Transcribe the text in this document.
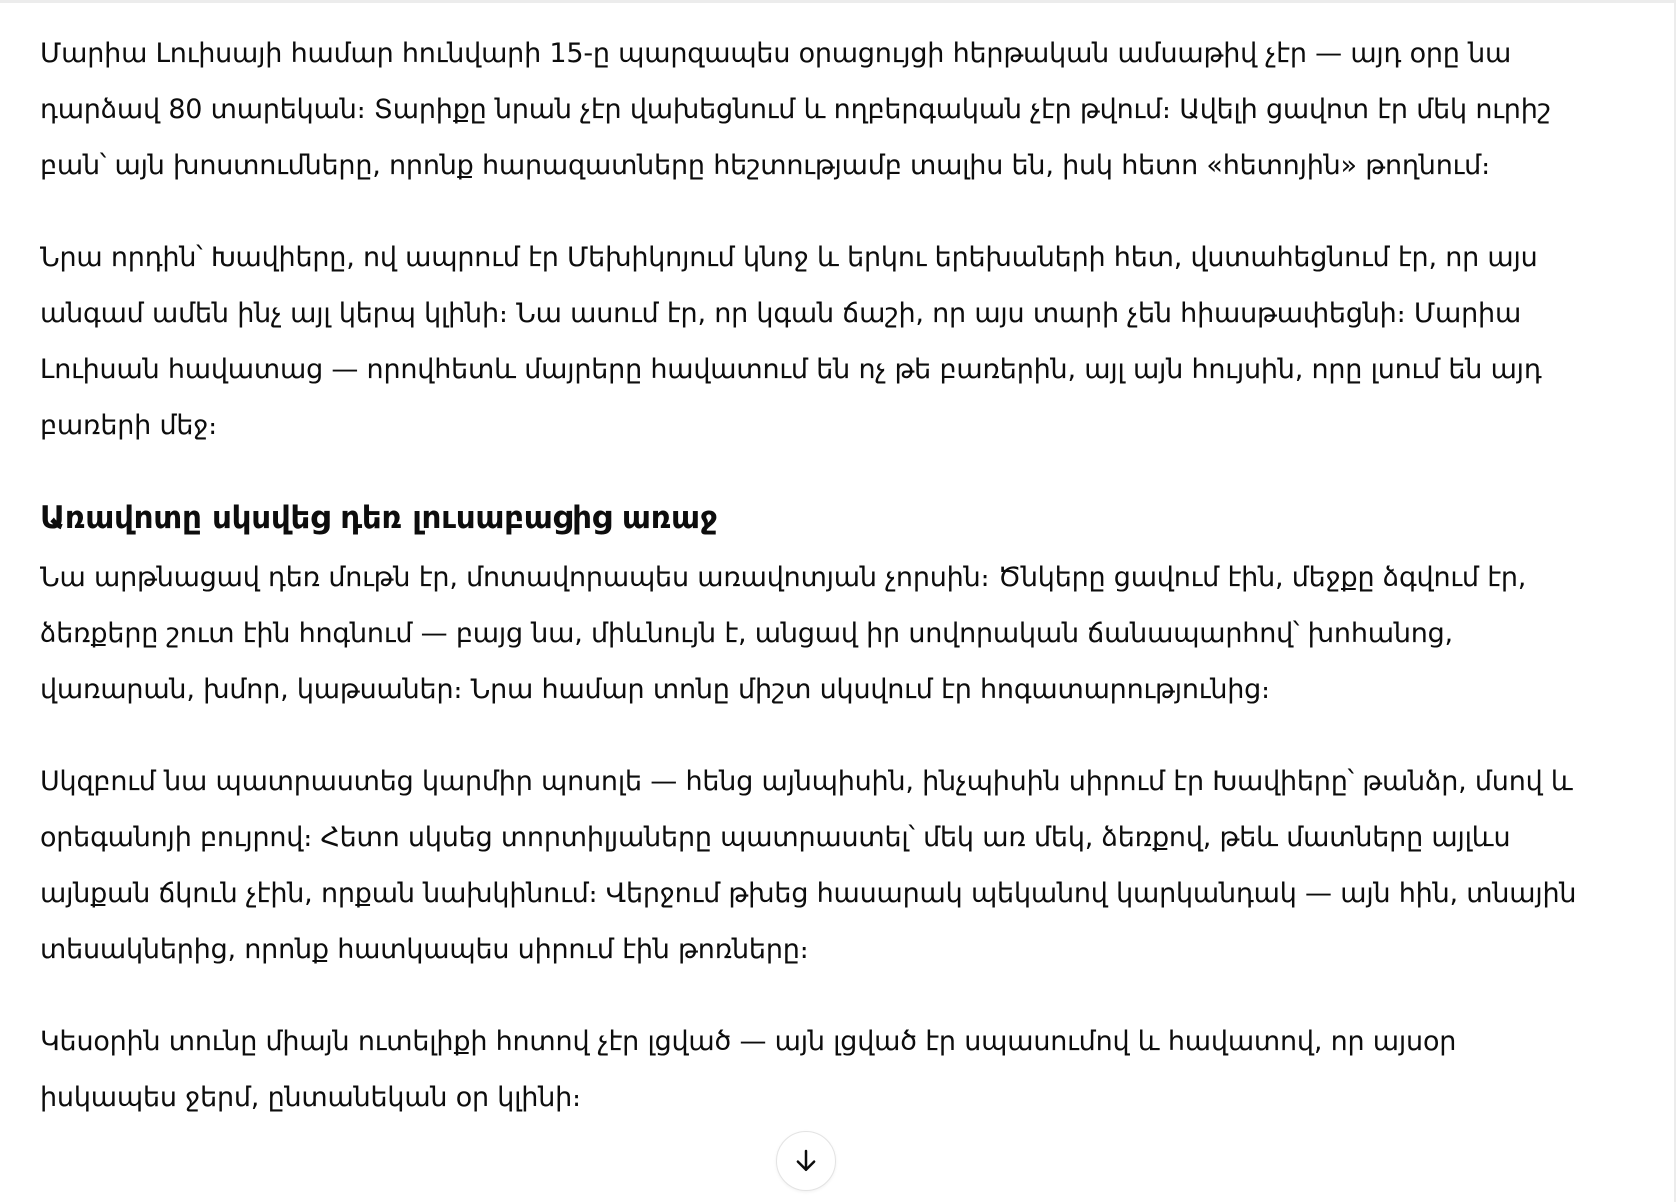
Մարիա Լուիսայի համար հունվարի 15-ը պարզապես օրացույցի հերթական ամսաթիվ չէր — այդ օրը նա դարձավ 80 տարեկան։ Տարիքը նրան չէր վախեցնում և ողբերգական չէր թվում։ Ավելի ցավոտ էր մեկ ուրիշ բան՝ այն խոստումները, որոնք հարազատները հեշտությամբ տալիս են, իսկ հետո «հետոյին» թողնում։

Նրա որդին՝ Խավիերը, ով ապրում էր Մեխիկոյում կնոջ և երկու երեխաների հետ, վստահեցնում էր, որ այս անգամ ամեն ինչ այլ կերպ կլինի։ Նա ասում էր, որ կգան ճաշի, որ այս տարի չեն հիասթափեցնի։ Մարիա Լուիսան հավատաց — որովհետև մայրերը հավատում են ոչ թե բառերին, այլ այն հույսին, որը լսում են այդ բառերի մեջ։

Առավոտը սկսվեց դեռ լուսաբացից առաջ

Նա արթնացավ դեռ մութն էր, մոտավորապես առավոտյան չորսին։ Ծնկերը ցավում էին, մեջքը ձգվում էր, ձեռքերը շուտ էին հոգնում — բայց նա, միևնույն է, անցավ իր սովորական ճանապարհով՝ խոհանոց, վառարան, խմոր, կաթսաներ։ Նրա համար տոնը միշտ սկսվում էր հոգատարությունից։

Սկզբում նա պատրաստեց կարմիր պոսոլե — հենց այնպիսին, ինչպիսին սիրում էր Խավիերը՝ թանձր, մսով և օրեգանոյի բույրով։ Հետո սկսեց տորտիլյաները պատրաստել՝ մեկ առ մեկ, ձեռքով, թեև մատները այլևս այնքան ճկուն չէին, որքան նախկինում։ Վերջում թխեց հասարակ պեկանով կարկանդակ — այն հին, տնային տեսակներից, որոնք հատկապես սիրում էին թոռները։

Կեսօրին տունը միայն ուտելիքի հոտով չէր լցված — այն լցված էր սպասումով և հավատով, որ այսօր իսկապես ջերմ, ընտանեկան օր կլինի։
